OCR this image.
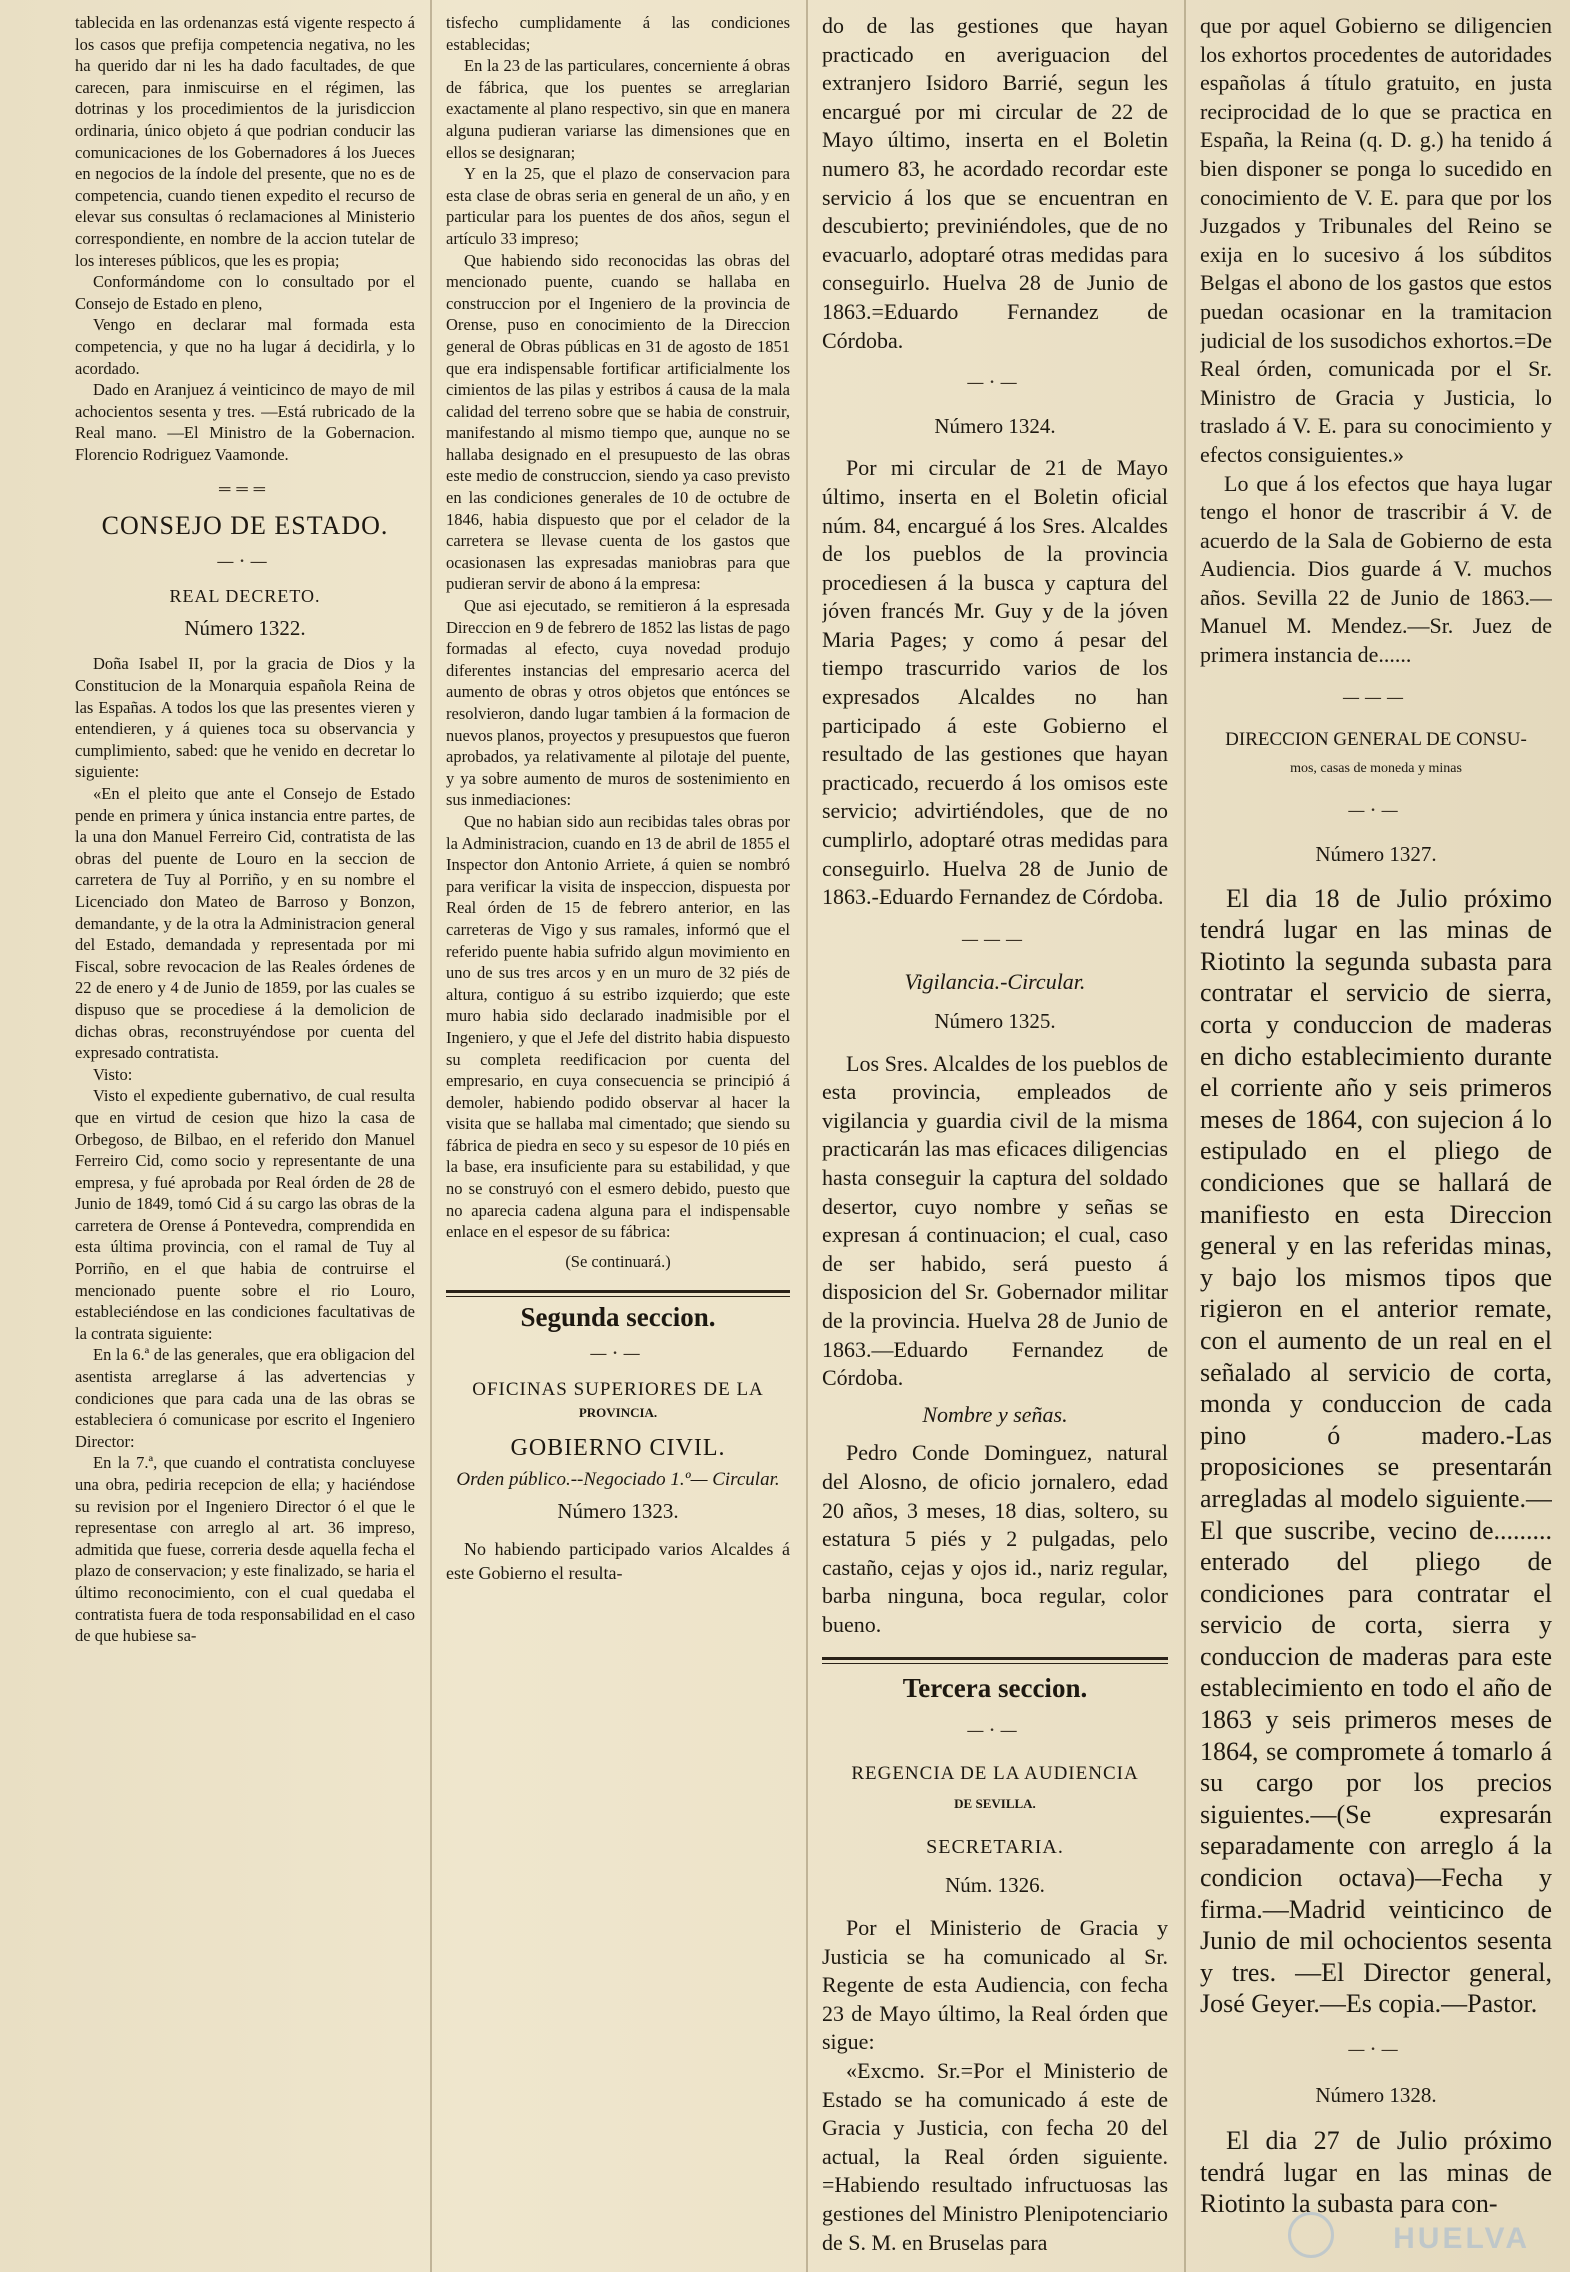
tablecida en las ordenanzas está vigente respecto á los casos que prefija competencia negativa, no les ha querido dar ni les ha dado facultades, de que carecen, para inmiscuirse en el régimen, las dotrinas y los procedimientos de la jurisdiccion ordinaria, único objeto á que podrian conducir las comunicaciones de los Gobernadores á los Jueces en negocios de la índole del presente, que no es de competencia, cuando tienen expedito el recurso de elevar sus consultas ó reclamaciones al Ministerio correspondiente, en nombre de la accion tutelar de los intereses públicos, que les es propia;

Conformándome con lo consultado por el Consejo de Estado en pleno,

Vengo en declarar mal formada esta competencia, y que no ha lugar á decidirla, y lo acordado.

Dado en Aranjuez á veinticinco de mayo de mil achocientos sesenta y tres. —Está rubricado de la Real mano. —El Ministro de la Gobernacion. Florencio Rodriguez Vaamonde.

═══
CONSEJO DE ESTADO.
—·—
REAL DECRETO.
Número 1322.

Doña Isabel II, por la gracia de Dios y la Constitucion de la Monarquia española Reina de las Españas. A todos los que las presentes vieren y entendieren, y á quienes toca su observancia y cumplimiento, sabed: que he venido en decretar lo siguiente:

«En el pleito que ante el Consejo de Estado pende en primera y única instancia entre partes, de la una don Manuel Ferreiro Cid, contratista de las obras del puente de Louro en la seccion de carretera de Tuy al Porriño, y en su nombre el Licenciado don Mateo de Barroso y Bonzon, demandante, y de la otra la Administracion general del Estado, demandada y representada por mi Fiscal, sobre revocacion de las Reales órdenes de 22 de enero y 4 de Junio de 1859, por las cuales se dispuso que se procediese á la demolicion de dichas obras, reconstruyéndose por cuenta del expresado contratista.

Visto:

Visto el expediente gubernativo, de cual resulta que en virtud de cesion que hizo la casa de Orbegoso, de Bilbao, en el referido don Manuel Ferreiro Cid, como socio y representante de una empresa, y fué aprobada por Real órden de 28 de Junio de 1849, tomó Cid á su cargo las obras de la carretera de Orense á Pontevedra, comprendida en esta última provincia, con el ramal de Tuy al Porriño, en el que habia de contruirse el mencionado puente sobre el rio Louro, estableciéndose en las condiciones facultativas de la contrata siguiente:

En la 6.ª de las generales, que era obligacion del asentista arreglarse á las advertencias y condiciones que para cada una de las obras se estableciera ó comunicase por escrito el Ingeniero Director:

En la 7.ª, que cuando el contratista concluyese una obra, pediria recepcion de ella; y haciéndose su revision por el Ingeniero Director ó el que le representase con arreglo al art. 36 impreso, admitida que fuese, correria desde aquella fecha el plazo de conservacion; y este finalizado, se haria el último reconocimiento, con el cual quedaba el contratista fuera de toda responsabilidad en el caso de que hubiese sa-

tisfecho cumplidamente á las condiciones establecidas;

En la 23 de las particulares, concerniente á obras de fábrica, que los puentes se arreglarian exactamente al plano respectivo, sin que en manera alguna pudieran variarse las dimensiones que en ellos se designaran;

Y en la 25, que el plazo de conservacion para esta clase de obras seria en general de un año, y en particular para los puentes de dos años, segun el artículo 33 impreso;

Que habiendo sido reconocidas las obras del mencionado puente, cuando se hallaba en construccion por el Ingeniero de la provincia de Orense, puso en conocimiento de la Direccion general de Obras públicas en 31 de agosto de 1851 que era indispensable fortificar artificialmente los cimientos de las pilas y estribos á causa de la mala calidad del terreno sobre que se habia de construir, manifestando al mismo tiempo que, aunque no se hallaba designado en el presupuesto de las obras este medio de construccion, siendo ya caso previsto en las condiciones generales de 10 de octubre de 1846, habia dispuesto que por el celador de la carretera se llevase cuenta de los gastos que ocasionasen las expresadas maniobras para que pudieran servir de abono á la empresa:

Que asi ejecutado, se remitieron á la espresada Direccion en 9 de febrero de 1852 las listas de pago formadas al efecto, cuya novedad produjo diferentes instancias del empresario acerca del aumento de obras y otros objetos que entónces se resolvieron, dando lugar tambien á la formacion de nuevos planos, proyectos y presupuestos que fueron aprobados, ya relativamente al pilotaje del puente, y ya sobre aumento de muros de sostenimiento en sus inmediaciones:

Que no habian sido aun recibidas tales obras por la Administracion, cuando en 13 de abril de 1855 el Inspector don Antonio Arriete, á quien se nombró para verificar la visita de inspeccion, dispuesta por Real órden de 15 de febrero anterior, en las carreteras de Vigo y sus ramales, informó que el referido puente habia sufrido algun movimiento en uno de sus tres arcos y en un muro de 32 piés de altura, contiguo á su estribo izquierdo; que este muro habia sido declarado inadmisible por el Ingeniero, y que el Jefe del distrito habia dispuesto su completa reedificacion por cuenta del empresario, en cuya consecuencia se principió á demoler, habiendo podido observar al hacer la visita que se hallaba mal cimentado; que siendo su fábrica de piedra en seco y su espesor de 10 piés en la base, era insuficiente para su estabilidad, y que no se construyó con el esmero debido, puesto que no aparecia cadena alguna para el indispensable enlace en el espesor de su fábrica:

(Se continuará.)

Segunda seccion.
—·—
OFICINAS SUPERIORES DE LA
PROVINCIA.
GOBIERNO CIVIL.
Orden público.--Negociado 1.º— Circular.
Número 1323.

No habiendo participado varios Alcaldes á este Gobierno el resulta-

do de las gestiones que hayan practicado en averiguacion del extranjero Isidoro Barrié, segun les encargué por mi circular de 22 de Mayo último, inserta en el Boletin numero 83, he acordado recordar este servicio á los que se encuentran en descubierto; previniéndoles, que de no evacuarlo, adoptaré otras medidas para conseguirlo. Huelva 28 de Junio de 1863.=Eduardo Fernandez de Córdoba.

—·—
Número 1324.

Por mi circular de 21 de Mayo último, inserta en el Boletin oficial núm. 84, encargué á los Sres. Alcaldes de los pueblos de la provincia procediesen á la busca y captura del jóven francés Mr. Guy y de la jóven Maria Pages; y como á pesar del tiempo trascurrido varios de los expresados Alcaldes no han participado á este Gobierno el resultado de las gestiones que hayan practicado, recuerdo á los omisos este servicio; advirtiéndoles, que de no cumplirlo, adoptaré otras medidas para conseguirlo. Huelva 28 de Junio de 1863.-Eduardo Fernandez de Córdoba.

———
Vigilancia.-Circular.
Número 1325.

Los Sres. Alcaldes de los pueblos de esta provincia, empleados de vigilancia y guardia civil de la misma practicarán las mas eficaces diligencias hasta conseguir la captura del soldado desertor, cuyo nombre y señas se expresan á continuacion; el cual, caso de ser habido, será puesto á disposicion del Sr. Gobernador militar de la provincia. Huelva 28 de Junio de 1863.—Eduardo Fernandez de Córdoba.

Nombre y señas.

Pedro Conde Dominguez, natural del Alosno, de oficio jornalero, edad 20 años, 3 meses, 18 dias, soltero, su estatura 5 piés y 2 pulgadas, pelo castaño, cejas y ojos id., nariz regular, barba ninguna, boca regular, color bueno.

Tercera seccion.
—·—
REGENCIA DE LA AUDIENCIA
DE SEVILLA.
SECRETARIA.
Núm. 1326.

Por el Ministerio de Gracia y Justicia se ha comunicado al Sr. Regente de esta Audiencia, con fecha 23 de Mayo último, la Real órden que sigue:

«Excmo. Sr.=Por el Ministerio de Estado se ha comunicado á este de Gracia y Justicia, con fecha 20 del actual, la Real órden siguiente. =Habiendo resultado infructuosas las gestiones del Ministro Plenipotenciario de S. M. en Bruselas para

que por aquel Gobierno se diligencien los exhortos procedentes de autoridades españolas á título gratuito, en justa reciprocidad de lo que se practica en España, la Reina (q. D. g.) ha tenido á bien disponer se ponga lo sucedido en conocimiento de V. E. para que por los Juzgados y Tribunales del Reino se exija en lo sucesivo á los súbditos Belgas el abono de los gastos que estos puedan ocasionar en la tramitacion judicial de los susodichos exhortos.=De Real órden, comunicada por el Sr. Ministro de Gracia y Justicia, lo traslado á V. E. para su conocimiento y efectos consiguientes.»

Lo que á los efectos que haya lugar tengo el honor de trascribir á V. de acuerdo de la Sala de Gobierno de esta Audiencia. Dios guarde á V. muchos años. Sevilla 22 de Junio de 1863.—Manuel M. Mendez.—Sr. Juez de primera instancia de......

———
DIRECCION GENERAL DE CONSU-
mos, casas de moneda y minas
—·—
Número 1327.

El dia 18 de Julio próximo tendrá lugar en las minas de Riotinto la segunda subasta para contratar el servicio de sierra, corta y conduccion de maderas en dicho establecimiento durante el corriente año y seis primeros meses de 1864, con sujecion á lo estipulado en el pliego de condiciones que se hallará de manifiesto en esta Direccion general y en las referidas minas, y bajo los mismos tipos que rigieron en el anterior remate, con el aumento de un real en el señalado al servicio de corta, monda y conduccion de cada pino ó madero.-Las proposiciones se presentarán arregladas al modelo siguiente.—El que suscribe, vecino de......... enterado del pliego de condiciones para contratar el servicio de corta, sierra y conduccion de maderas para este establecimiento en todo el año de 1863 y seis primeros meses de 1864, se compromete á tomarlo á su cargo por los precios siguientes.—(Se expresarán separadamente con arreglo á la condicion octava)—Fecha y firma.—Madrid veinticinco de Junio de mil ochocientos sesenta y tres. —El Director general, José Geyer.—Es copia.—Pastor.

—·—
Número 1328.

El dia 27 de Julio próximo tendrá lugar en las minas de Riotinto la subasta para con-

HUELVA
